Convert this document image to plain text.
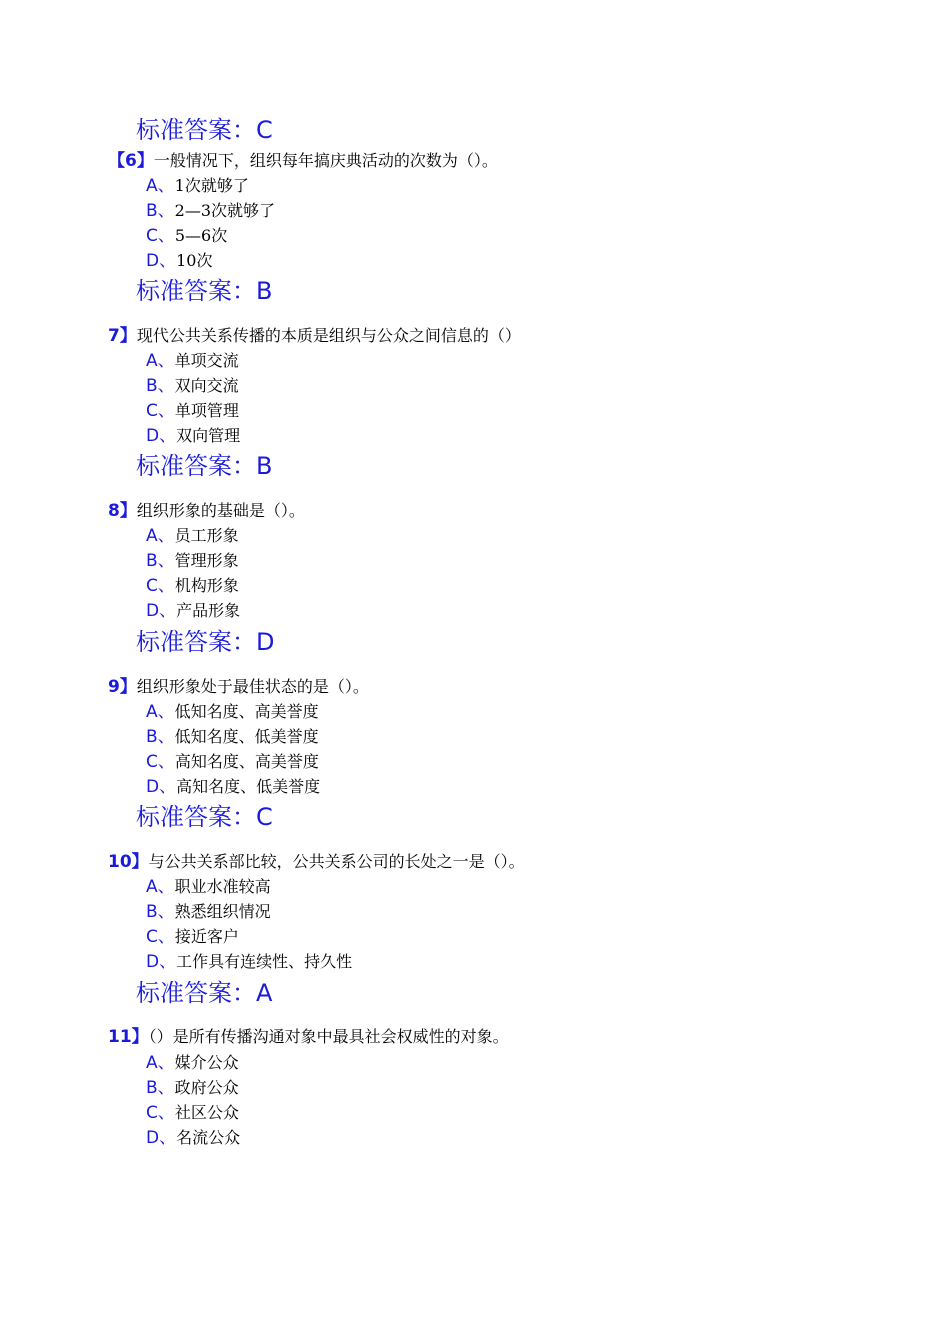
标准答案：C
【6】一般情况下，组织每年搞庆典活动的次数为（）。
A、1次就够了
B、2—3次就够了
C、5—6次
D、10次
标准答案：B
7】现代公共关系传播的本质是组织与公众之间信息的（）
A、单项交流
B、双向交流
C、单项管理
D、双向管理
标准答案：B
8】组织形象的基础是（）。
A、员工形象
B、管理形象
C、机构形象
D、产品形象
标准答案：D
9】组织形象处于最佳状态的是（）。
A、低知名度、高美誉度
B、低知名度、低美誉度
C、高知名度、高美誉度
D、高知名度、低美誉度
标准答案：C
10】与公共关系部比较，公共关系公司的长处之一是（）。
A、职业水准较高
B、熟悉组织情况
C、接近客户
D、工作具有连续性、持久性
标准答案：A
11】（）是所有传播沟通对象中最具社会权威性的对象。
A、媒介公众
B、政府公众
C、社区公众
D、名流公众
